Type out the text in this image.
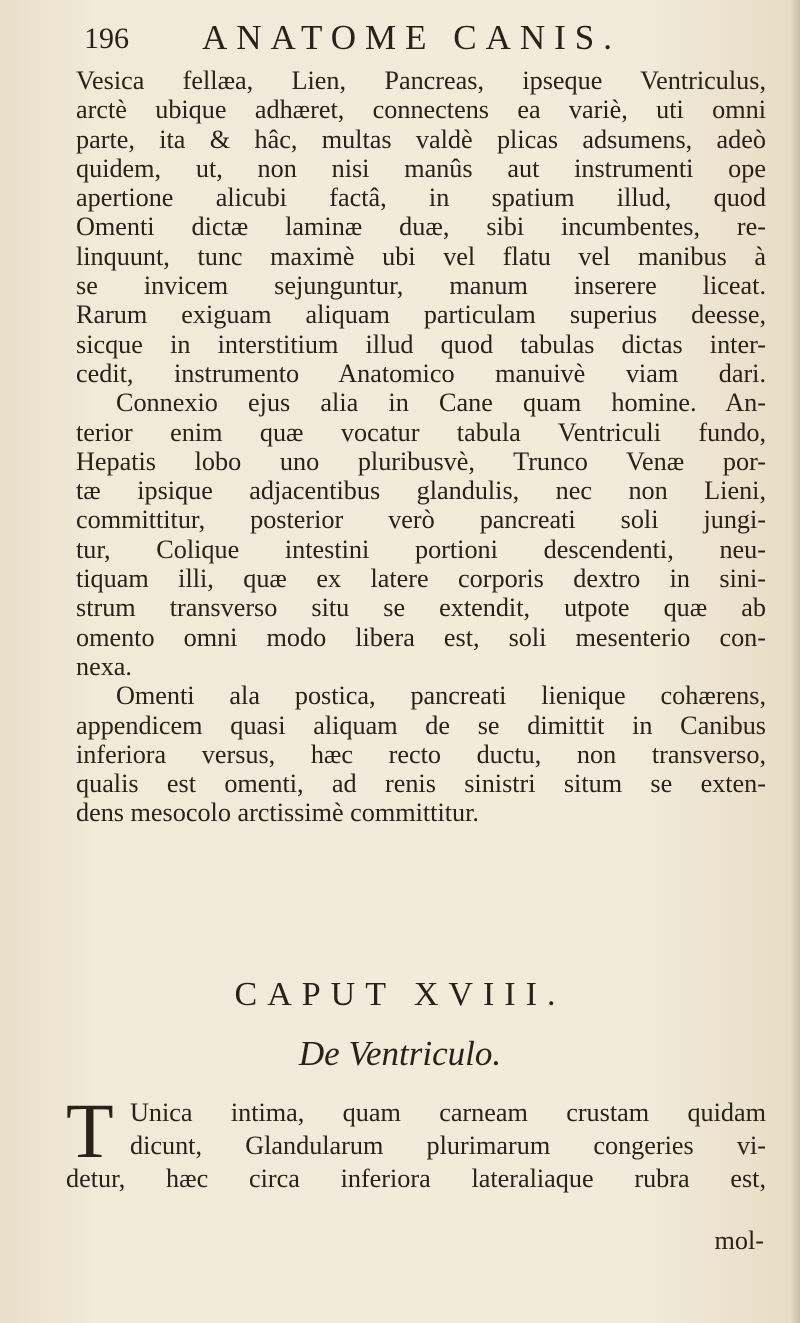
196 ANATOME CANIS.
Vesica fellæa, Lien, Pancreas, ipseque Ventriculus,
arctè ubique adhæret, connectens ea variè, uti omni
parte, ita & hâc, multas valdè plicas adsumens, adeò
quidem, ut, non nisi manûs aut instrumenti ope
apertione alicubi factâ, in spatium illud, quod
Omenti dictæ laminæ duæ, sibi incumbentes, re-
linquunt, tunc maximè ubi vel flatu vel manibus à
se invicem sejunguntur, manum inserere liceat.
Rarum exiguam aliquam particulam superius deesse,
sicque in interstitium illud quod tabulas dictas inter-
cedit, instrumento Anatomico manuivè viam dari.
Connexio ejus alia in Cane quam homine. An-
terior enim quæ vocatur tabula Ventriculi fundo,
Hepatis lobo uno pluribusvè, Trunco Venæ por-
tæ ipsique adjacentibus glandulis, nec non Lieni,
committitur, posterior verò pancreati soli jungi-
tur, Colique intestini portioni descendenti, neu-
tiquam illi, quæ ex latere corporis dextro in sini-
strum transverso situ se extendit, utpote quæ ab
omento omni modo libera est, soli mesenterio con-
nexa.
Omenti ala postica, pancreati lienique cohærens,
appendicem quasi aliquam de se dimittit in Canibus
inferiora versus, hæc recto ductu, non transverso,
qualis est omenti, ad renis sinistri situm se exten-
dens mesocolo arctissimè committitur.
CAPUT XVIII.
De Ventriculo.
T Unica intima, quam carneam crustam quidam
dicunt, Glandularum plurimarum congeries vi-
detur, hæc circa inferiora lateraliaque rubra est,
mol-
